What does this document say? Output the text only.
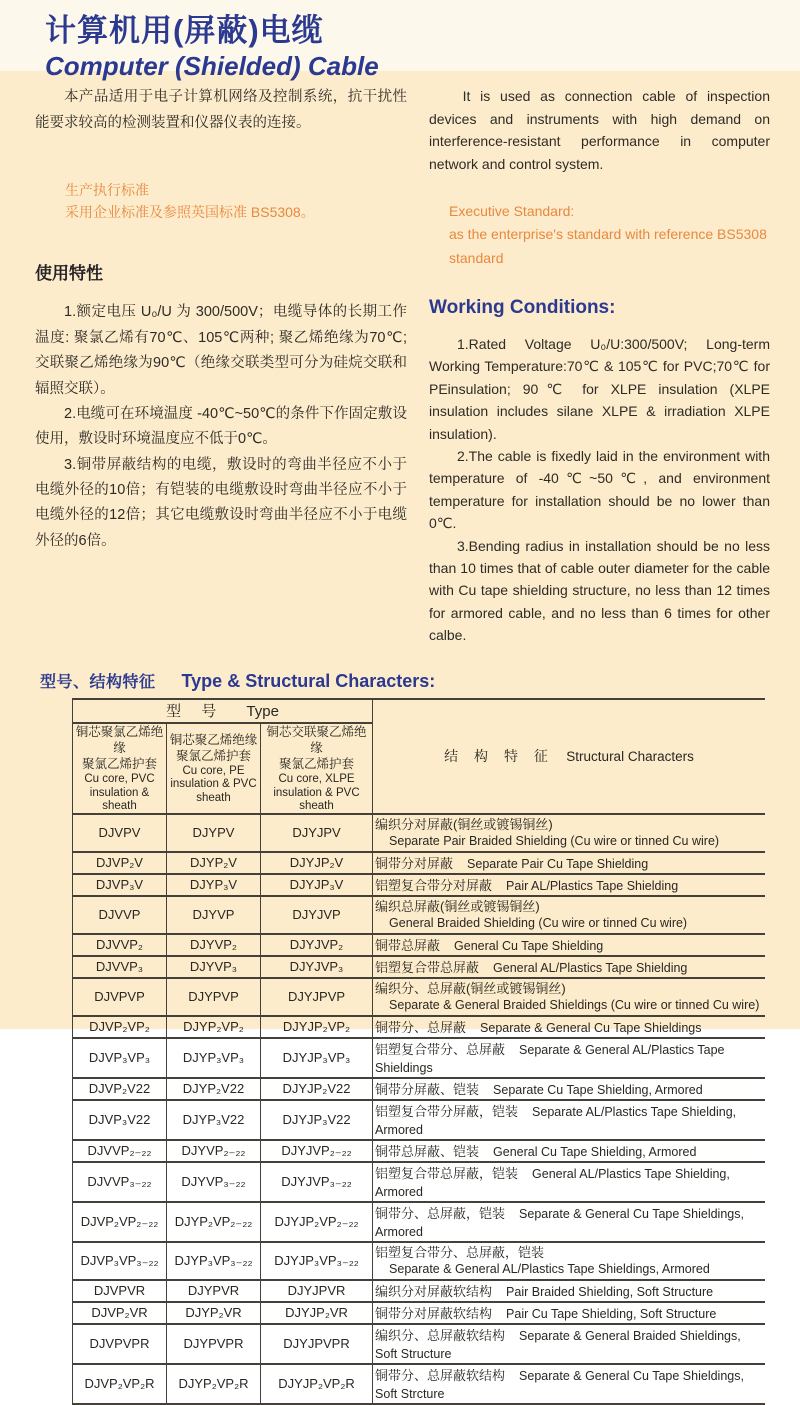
计算机用(屏蔽)电缆
Computer (Shielded) Cable

本产品适用于电子计算机网络及控制系统，抗干扰性能要求较高的检测装置和仪器仪表的连接。

生产执行标准
采用企业标准及参照英国标准 BS5308。
使用特性

1.额定电压 U₀/U 为 300/500V；电缆导体的长期工作温度: 聚氯乙烯有70℃、105℃两种; 聚乙烯绝缘为70℃; 交联聚乙烯绝缘为90℃（绝缘交联类型可分为硅烷交联和辐照交联）。

2.电缆可在环境温度 -40℃~50℃的条件下作固定敷设使用，敷设时环境温度应不低于0℃。

3.铜带屏蔽结构的电缆，敷设时的弯曲半径应不小于电缆外径的10倍；有铠装的电缆敷设时弯曲半径应不小于电缆外径的12倍；其它电缆敷设时弯曲半径应不小于电缆外径的6倍。

It is used as connection cable of inspection devices and instruments with high demand on interference-resistant performance in computer network and control system.

Executive Standard:
as the enterprise's standard with reference BS5308 standard
Working Conditions:

1.Rated Voltage U₀/U:300/500V; Long-term Working Temperature:70℃ & 105℃ for PVC;70℃ for PEinsulation; 90℃ for XLPE insulation (XLPE insulation includes silane XLPE & irradiation XLPE insulation).

2.The cable is fixedly laid in the environment with temperature of -40℃~50℃, and environment temperature for installation should be no lower than 0℃.

3.Bending radius in installation should be no less than 10 times that of cable outer diameter for the cable with Cu tape shielding structure, no less than 12 times for armored cable, and no less than 6 times for other calbe.

型号、结构特征 Type & Structural Characters:
型 号 Type			结 构 特 征 Structural Characters

铜芯聚氯乙烯绝缘
聚氯乙烯护套
Cu core, PVC insulation & sheath	铜芯聚乙烯绝缘
聚氯乙烯护套
Cu core, PE insulation & PVC sheath	铜芯交联聚乙烯绝缘
聚氯乙烯护套
Cu core, XLPE insulation & PVC sheath	

DJVPV	DJYPV	DJYJPV	编织分对屏蔽(铜丝或镀锡铜丝)
Separate Pair Braided Shielding (Cu wire or tinned Cu wire)

DJVP₂V	DJYP₂V	DJYJP₂V	铜带分对屏蔽 Separate Pair Cu Tape Shielding
DJVP₃V	DJYP₃V	DJYJP₃V	铝塑复合带分对屏蔽 Pair AL/Plastics Tape Shielding
DJVVP	DJYVP	DJYJVP	编织总屏蔽(铜丝或镀锡铜丝)
General Braided Shielding (Cu wire or tinned Cu wire)

DJVVP₂	DJYVP₂	DJYJVP₂	铜带总屏蔽 General Cu Tape Shielding
DJVVP₃	DJYVP₃	DJYJVP₃	铝塑复合带总屏蔽 General AL/Plastics Tape Shielding
DJVPVP	DJYPVP	DJYJPVP	编织分、总屏蔽(铜丝或镀锡铜丝)
Separate & General Braided Shieldings (Cu wire or tinned Cu wire)

DJVP₂VP₂	DJYP₂VP₂	DJYJP₂VP₂	铜带分、总屏蔽 Separate & General Cu Tape Shieldings
DJVP₃VP₃	DJYP₃VP₃	DJYJP₃VP₃	铝塑复合带分、总屏蔽 Separate & General AL/Plastics Tape Shieldings
DJVP₂V22	DJYP₂V22	DJYJP₂V22	铜带分屏蔽、铠装 Separate Cu Tape Shielding, Armored
DJVP₃V22	DJYP₃V22	DJYJP₃V22	铝塑复合带分屏蔽，铠装 Separate AL/Plastics Tape Shielding, Armored
DJVVP₂₋₂₂	DJYVP₂₋₂₂	DJYJVP₂₋₂₂	铜带总屏蔽、铠装 General Cu Tape Shielding, Armored
DJVVP₃₋₂₂	DJYVP₃₋₂₂	DJYJVP₃₋₂₂	铝塑复合带总屏蔽，铠装 General AL/Plastics Tape Shielding, Armored
DJVP₂VP₂₋₂₂	DJYP₂VP₂₋₂₂	DJYJP₂VP₂₋₂₂	铜带分、总屏蔽，铠装 Separate & General Cu Tape Shieldings, Armored
DJVP₃VP₃₋₂₂	DJYP₃VP₃₋₂₂	DJYJP₃VP₃₋₂₂	铝塑复合带分、总屏蔽，铠装
Separate & General AL/Plastics Tape Shieldings, Armored

DJVPVR	DJYPVR	DJYJPVR	编织分对屏蔽软结构 Pair Braided Shielding, Soft Structure
DJVP₂VR	DJYP₂VR	DJYJP₂VR	铜带分对屏蔽软结构 Pair Cu Tape Shielding, Soft Structure
DJVPVPR	DJYPVPR	DJYJPVPR	编织分、总屏蔽软结构 Separate & General Braided Shieldings, Soft Structure
DJVP₂VP₂R	DJYP₂VP₂R	DJYJP₂VP₂R	铜带分、总屏蔽软结构 Separate & General Cu Tape Shieldings, Soft Strcture
